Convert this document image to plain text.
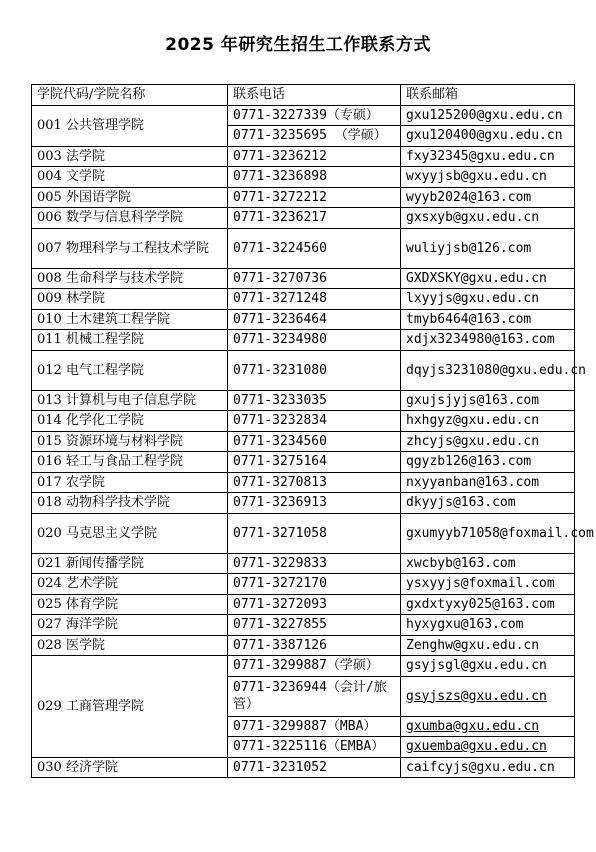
2025 年研究生招生工作联系方式
学院代码/学院名称	联系电话	联系邮箱
001 公共管理学院	0771-3227339（专硕）	gxu125200@gxu.edu.cn
	0771-3235695 （学硕）	gxu120400@gxu.edu.cn
003 法学院	0771-3236212	fxy32345@gxu.edu.cn
004 文学院	0771-3236898	wxyyjsb@gxu.edu.cn
005 外国语学院	0771-3272212	wyyb2024@163.com
006 数学与信息科学学院	0771-3236217	gxsxyb@gxu.edu.cn
007 物理科学与工程技术学院	0771-3224560	wuliyjsb@126.com
008 生命科学与技术学院	0771-3270736	GXDXSKY@gxu.edu.cn
009 林学院	0771-3271248	lxyyjs@gxu.edu.cn
010 土木建筑工程学院	0771-3236464	tmyb6464@163.com
011 机械工程学院	0771-3234980	xdjx3234980@163.com
012 电气工程学院	0771-3231080	dqyjs3231080@gxu.edu.cn
013 计算机与电子信息学院	0771-3233035	gxujsjyjs@163.com
014 化学化工学院	0771-3232834	hxhgyz@gxu.edu.cn
015 资源环境与材料学院	0771-3234560	zhcyjs@gxu.edu.cn
016 轻工与食品工程学院	0771-3275164	qgyzb126@163.com
017 农学院	0771-3270813	nxyyanban@163.com
018 动物科学技术学院	0771-3236913	dkyyjs@163.com
020 马克思主义学院	0771-3271058	gxumyyb71058@foxmail.com
021 新闻传播学院	0771-3229833	xwcbyb@163.com
024 艺术学院	0771-3272170	ysxyyjs@foxmail.com
025 体育学院	0771-3272093	gxdxtyxy025@163.com
027 海洋学院	0771-3227855	hyxygxu@163.com
028 医学院	0771-3387126	Zenghw@gxu.edu.cn
029 工商管理学院	0771-3299887（学硕）	gsyjsgl@gxu.edu.cn
	0771-3236944（会计/旅管）	gsyjszs@gxu.edu.cn
	0771-3299887（MBA）	gxumba@gxu.edu.cn
	0771-3225116（EMBA）	gxuemba@gxu.edu.cn
030 经济学院	0771-3231052	caifcyjs@gxu.edu.cn
